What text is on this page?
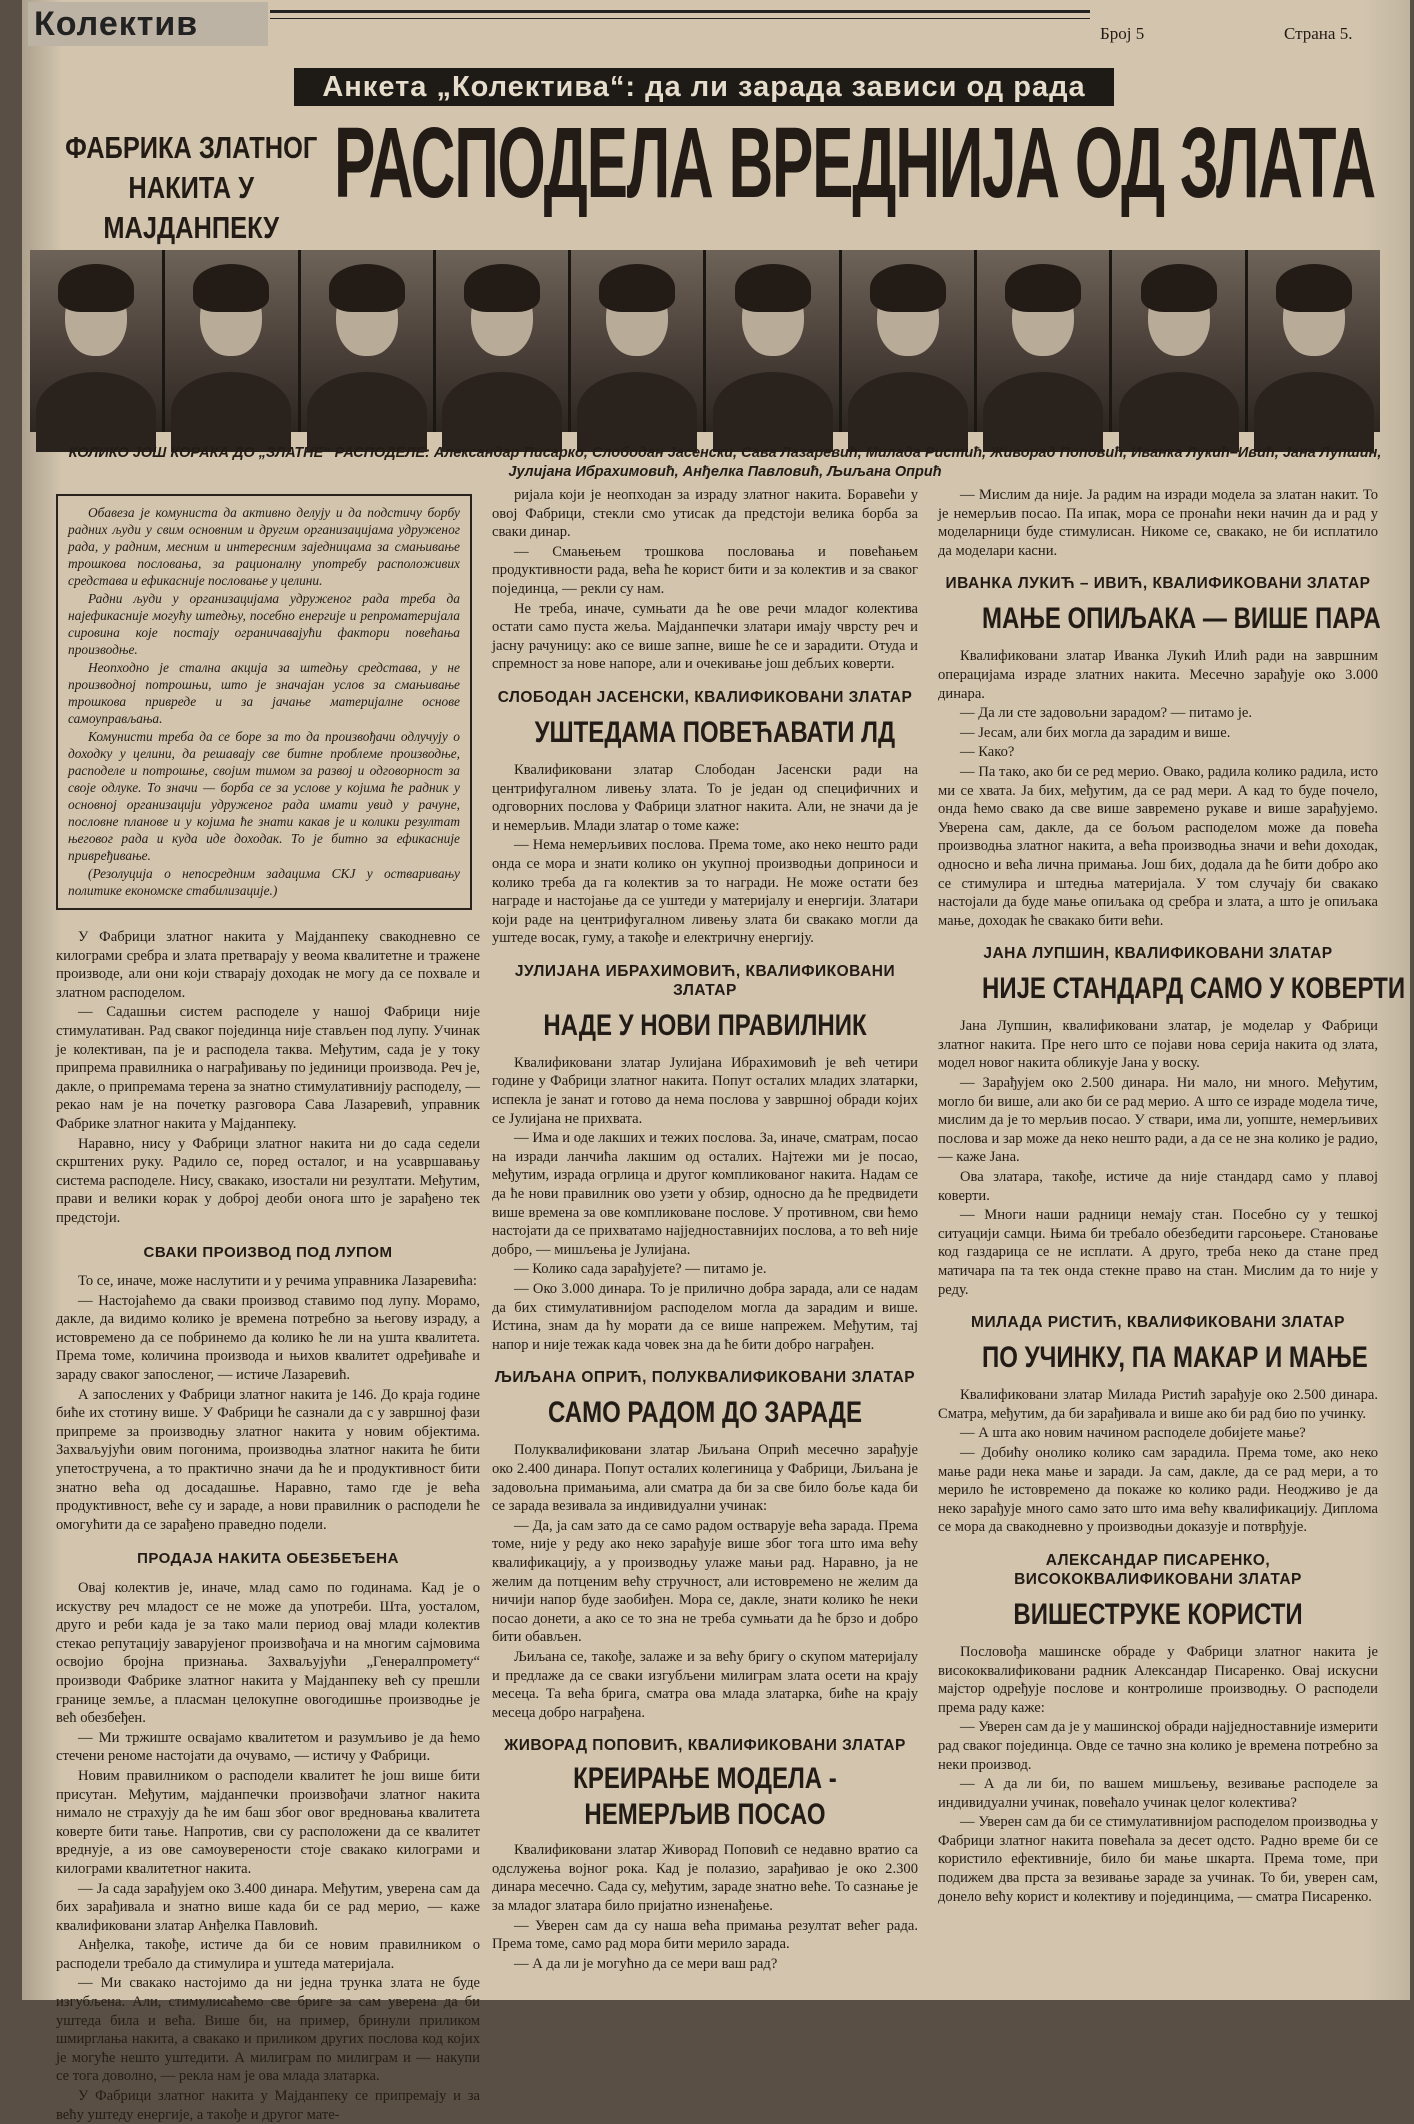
Колектив	Број 5	Страна 5.
Анкета „Колектива“: да ли зарада зависи од рада
ФАБРИКА ЗЛАТНОГ НАКИТА У МАЈДАНПЕКУ
РАСПОДЕЛА ВРЕДНИЈА ОД ЗЛАТА
КОЛИКО ЈОШ КОРАКА ДО „ЗЛАТНЕ“ РАСПОДЕЛЕ: Александар Писарко, Слободан Јасенски, Сава Лазаревић, Милада Ристић, Живорад Поповић, Иванка Лукић–Ивић, Јана Лупшин, Јулијана Ибрахимовић, Анђелка Павловић, Љиљана Опрић

Обавеза је комуниста да активно делују и да подстичу борбу радних људи у свим основним и другим организацијама удруженог рада, у радним, месним и интересним заједницама за смањивање трошкова пословања, за рационалну употребу расположивих средстава и ефикасније пословање у целини.

Радни људи у организацијама удруженог рада треба да најефикасније могућу штедњу, посебно енергије и репроматеријала сировина које постају ограничавајући фактори повећања производње.

Неопходно је стална акција за штедњу средстава, у не производној потрошњи, што је значајан услов за смањивање трошкова привреде и за јачање материјалне основе самоуправљања.

Комунисти треба да се боре за то да произвођачи одлучују о доходку у целини, да решавају све битне проблеме производње, расподеле и потрошње, својим тимом за развој и одговорност за своје одлуке. То значи — борба се за услове у којима ће радник у основној организацији удруженог рада имати увид у рачуне, пословне планове и у којима ће знати какав је и колики резултат његовог рада и куда иде доходак. То је битно за ефикасније привређивање.

(Резолуција о непосредним задацима СКЈ у остваривању политике економске стабилизације.)

У Фабрици златног накита у Мајданпеку свакодневно се килограми сребра и злата претварају у веома квалитетне и тражене производе, али они који стварају доходак не могу да се похвале и златном расподелом.

— Садашњи систем расподеле у нашој Фабрици није стимулативан. Рад сваког појединца није стављен под лупу. Учинак је колективан, па је и расподела таква. Међутим, сада је у току припрема правилника о награђивању по јединици производа. Реч је, дакле, о припремама терена за знатно стимулативнију расподелу, — рекао нам је на почетку разговора Сава Лазаревић, управник Фабрике златног накита у Мајданпеку.

Наравно, нису у Фабрици златног накита ни до сада седели скрштених руку. Радило се, поред осталог, и на усавршавању система расподеле. Нису, свакако, изостали ни резултати. Међутим, прави и велики корак у доброј деоби онога што је зарађено тек предстоји.

СВАКИ ПРОИЗВОД ПОД ЛУПОМ

То се, иначе, може наслутити и у речима управника Лазаревића:

— Настојаћемо да сваки производ ставимо под лупу. Морамо, дакле, да видимо колико је времена потребно за његову израду, а истовремено да се побринемо да колико ће ли на ушта квалитета. Према томе, количина производа и њихов квалитет одређиваће и зараду сваког запосленог, — истиче Лазаревић.

А запослених у Фабрици златног накита је 146. До краја године биће их стотину више. У Фабрици ће сазнали да с у завршној фази припреме за производњу златног накита у новим објектима. Захваљујући овим погонима, производња златног накита ће бити упетостручена, а то практично значи да ће и продуктивност бити знатно већа од досадашње. Наравно, тамо где је већа продуктивност, веће су и зараде, а нови правилник о расподели ће омогућити да се зарађено праведно подели.

ПРОДАЈА НАКИТА ОБЕЗБЕЂЕНА

Овај колектив је, иначе, млад само по годинама. Кад је о искуству реч младост се не може да употреби. Шта, уосталом, друго и реби када је за тако мали период овај млади колектив стекао репутацију заварујеног произвођача и на многим сајмовима освојио бројна признања. Захваљујући „Генералпромету“ производи Фабрике златног накита у Мајданпеку већ су прешли границе земље, а пласман целокупне овогодишње производње је већ обезбеђен.

— Ми тржиште освајамо квалитетом и разумљиво је да ћемо стечени реноме настојати да очувамо, — истичу у Фабрици.

Новим правилником о расподели квалитет ће још више бити присутан. Међутим, мајданпечки произвођачи златног накита нимало не страхују да ће им баш због овог вредновања квалитета коверте бити тање. Напротив, сви су расположени да се квалитет вреднује, а из ове самоуверености стоје свакако килограми и килограми квалитетног накита.

— Ја сада зарађујем око 3.400 динара. Међутим, уверена сам да бих зарађивала и знатно више када би се рад мерио, — каже квалификовани златар Анђелка Павловић.

Анђелка, такође, истиче да би се новим правилником о расподели требало да стимулира и уштеда материјала.

— Ми свакако настојимо да ни једна трунка злата не буде изгубљена. Али, стимулисаћемо све бриге за сам уверена да би уштеда била и већа. Више би, на пример, бринули приликом шмирглања накита, а свакако и приликом других послова код којих је могуће нешто уштедити. А милиграм по милиграм и — накупи се тога доволно, — рекла нам је ова млада златарка.

У Фабрици златног накита у Мајданпеку се припремају и за већу уштеду енергије, а такође и другог мате-

ријала који је неопходан за израду златног накита. Боравећи у овој Фабрици, стекли смо утисак да предстоји велика борба за сваки динар.

— Смањењем трошкова пословања и повећањем продуктивности рада, већа ће корист бити и за колектив и за сваког појединца, — рекли су нам.

Не треба, иначе, сумњати да ће ове речи младог колектива остати само пуста жеља. Мајданпечки златари имају чврсту реч и јасну рачуницу: ако се више запне, више ће се и зарадити. Отуда и спремност за нове напоре, али и очекивање још дебљих коверти.

СЛОБОДАН ЈАСЕНСКИ, КВАЛИФИКОВАНИ ЗЛАТАР
УШТЕДАМА ПОВЕЋАВАТИ ЛД

Квалификовани златар Слободан Јасенски ради на центрифугалном ливењу злата. То је један од специфичних и одговорних послова у Фабрици златног накита. Али, не значи да је и немерљив. Млади златар о томе каже:

— Нема немерљивих послова. Према томе, ако неко нешто ради онда се мора и знати колико он укупној производњи доприноси и колико треба да га колектив за то награди. Не може остати без награде и настојање да се уштеди у материјалу и енергији. Златари који раде на центрифугалном ливењу злата би свакако могли да уштеде восак, гуму, а такође и електричну енергију.

ЈУЛИЈАНА ИБРАХИМОВИЋ, КВАЛИФИКОВАНИ ЗЛАТАР
НАДЕ У НОВИ ПРАВИЛНИК

Квалификовани златар Јулијана Ибрахимовић је већ четири године у Фабрици златног накита. Попут осталих младих златарки, испекла је занат и готово да нема послова у завршној обради којих се Јулијана не прихвата.

— Има и оде лакших и тежих послова. За, иначе, сматрам, посао на изради ланчића лакшим од осталих. Најтежи ми је посао, међутим, израда огрлица и другог компликованог накита. Надам се да ће нови правилник ово узети у обзир, односно да ће предвидети више времена за ове компликоване послове. У противном, сви ћемо настојати да се прихватамо најједноставнијих послова, а то већ није добро, — мишљења је Јулијана.

— Колико сада зарађујете? — питамо је.

— Око 3.000 динара. То је прилично добра зарада, али се надам да бих стимулативнијом расподелом могла да зарадим и више. Истина, знам да ћу морати да се више напрежем. Међутим, тај напор и није тежак када човек зна да ће бити добро награђен.

ЉИЉАНА ОПРИЋ, ПОЛУКВАЛИФИКОВАНИ ЗЛАТАР
САМО РАДОМ ДО ЗАРАДЕ

Полуквалификовани златар Љиљана Опрић месечно зарађује око 2.400 динара. Попут осталих колегиница у Фабрици, Љиљана је задовољна примањима, али сматра да би за све било боље када би се зарада везивала за индивидуални учинак:

— Да, ја сам зато да се само радом остварује већа зарада. Према томе, није у реду ако неко зарађује више због тога што има већу квалификацију, а у производњу улаже мањи рад. Наравно, ја не желим да потценим већу стручност, али истовремено не желим да ничији напор буде заобиђен. Мора се, дакле, знати колико ће неки посао донети, а ако се то зна не треба сумњати да ће брзо и добро бити обављен.

Љиљана се, такође, залаже и за већу бригу о скупом материјалу и предлаже да се сваки изгубљени милиграм злата осети на крају месеца. Та већа брига, сматра ова млада златарка, биће на крају месеца добро награђена.

ЖИВОРАД ПОПОВИЋ, КВАЛИФИКОВАНИ ЗЛАТАР
КРЕИРАЊЕ МОДЕЛА - НЕМЕРЉИВ ПОСАО

Квалификовани златар Живорад Поповић се недавно вратио са одслужења војног рока. Кад је полазио, зарађивао је око 2.300 динара месечно. Сада су, међутим, зараде знатно веће. То сазнање је за младог златара било пријатно изненађење.

— Уверен сам да су наша већа примања резултат већег рада. Према томе, само рад мора бити мерило зарада.

— А да ли је могућно да се мери ваш рад?

— Мислим да није. Ја радим на изради модела за златан накит. То је немерљив посао. Па ипак, мора се пронаћи неки начин да и рад у моделарници буде стимулисан. Никоме се, свакако, не би исплатило да моделари касни.

ИВАНКА ЛУКИЋ – ИВИЋ, КВАЛИФИКОВАНИ ЗЛАТАР
МАЊЕ ОПИЉАКА — ВИШЕ ПАРА

Квалификовани златар Иванка Лукић Илић ради на завршним операцијама израде златних накита. Месечно зарађује око 3.000 динара.

— Да ли сте задовољни зарадом? — питамо је.

— Јесам, али бих могла да зарадим и више.

— Како?

— Па тако, ако би се ред мерио. Овако, радила колико радила, исто ми се хвата. Ја бих, међутим, да се рад мери. А кад то буде почело, онда ћемо свако да све више завремено рукаве и више зарађујемо. Уверена сам, дакле, да се бољом расподелом може да повећа производња златног накита, а већа производња значи и већи доходак, односно и већа лична примања. Још бих, додала да ће бити добро ако се стимулира и штедња материјала. У том случају би свакако настојали да буде мање опиљака од сребра и злата, а што је опиљака мање, доходак ће свакако бити већи.

ЈАНА ЛУПШИН, КВАЛИФИКОВАНИ ЗЛАТАР
НИЈЕ СТАНДАРД САМО У КОВЕРТИ

Јана Лупшин, квалификовани златар, је моделар у Фабрици златног накита. Пре него што се појави нова серија накита од злата, модел новог накита обликује Јана у воску.

— Зарађујем око 2.500 динара. Ни мало, ни много. Међутим, могло би више, али ако би се рад мерио. А што се израде модела тиче, мислим да је то мерљив посао. У ствари, има ли, уопште, немерљивих послова и зар може да неко нешто ради, а да се не зна колико је радио, — каже Јана.

Ова златара, такође, истиче да није стандард само у плавој коверти.

— Многи наши радници немају стан. Посебно су у тешкој ситуацији самци. Њима би требало обезбедити гарсоњере. Становање код газдарица се не исплати. А друго, треба неко да стане пред матичара па та тек онда стекне право на стан. Мислим да то није у реду.

МИЛАДА РИСТИЋ, КВАЛИФИКОВАНИ ЗЛАТАР
ПО УЧИНКУ, ПА МАКАР И МАЊЕ

Квалификовани златар Милада Ристић зарађује око 2.500 динара. Сматра, међутим, да би зарађивала и више ако би рад био по учинку.

— А шта ако новим начином расподеле добијете мање?

— Добићу онолико колико сам зарадила. Према томе, ако неко мање ради нека мање и заради. Ја сам, дакле, да се рад мери, а то мерило ће истовремено да покаже ко колико ради. Неодживо је да неко зарађује много само зато што има већу квалификацију. Диплома се мора да свакодневно у производњи доказује и потврђује.

АЛЕКСАНДАР ПИСАРЕНКО, ВИСОКОКВАЛИФИКОВАНИ ЗЛАТАР
ВИШЕСТРУКЕ КОРИСТИ

Пословођа машинске обраде у Фабрици златног накита је висококвалификовани радник Александар Писаренко. Овај искусни мајстор одређује послове и контролише производњу. О расподели према раду каже:

— Уверен сам да је у машинској обради најједноставније измерити рад сваког појединца. Овде се тачно зна колико је времена потребно за неки производ.

— А да ли би, по вашем мишљењу, везивање расподеле за индивидуални учинак, повећало учинак целог колектива?

— Уверен сам да би се стимулативнијом расподелом производња у Фабрици златног накита повећала за десет одсто. Радно време би се користило ефективније, било би мање шкарта. Према томе, при подижем два прста за везивање зараде за учинак. То би, уверен сам, донело већу корист и колективу и појединцима, — сматра Писаренко.
